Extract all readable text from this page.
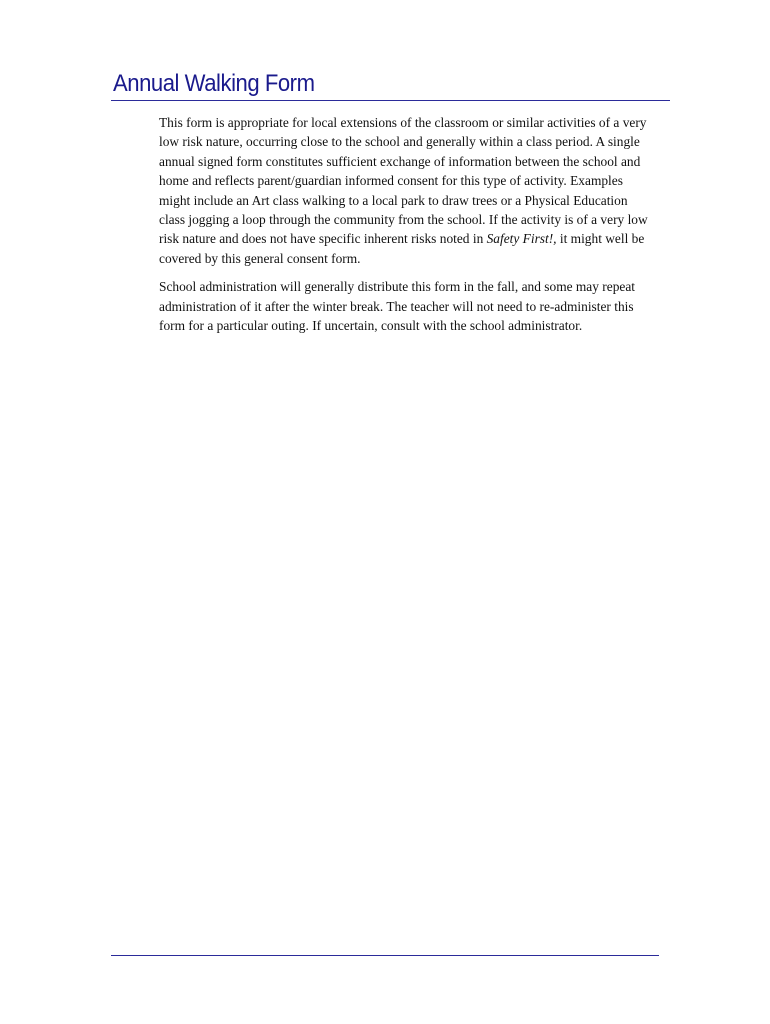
Annual Walking Form

This form is appropriate for local extensions of the classroom or similar activities of a very low risk nature, occurring close to the school and generally within a class period. A single annual signed form constitutes sufficient exchange of information between the school and home and reflects parent/guardian informed consent for this type of activity. Examples might include an Art class walking to a local park to draw trees or a Physical Education class jogging a loop through the community from the school. If the activity is of a very low risk nature and does not have specific inherent risks noted in Safety First!, it might well be covered by this general consent form.

School administration will generally distribute this form in the fall, and some may repeat administration of it after the winter break. The teacher will not need to re-administer this form for a particular outing. If uncertain, consult with the school administrator.
